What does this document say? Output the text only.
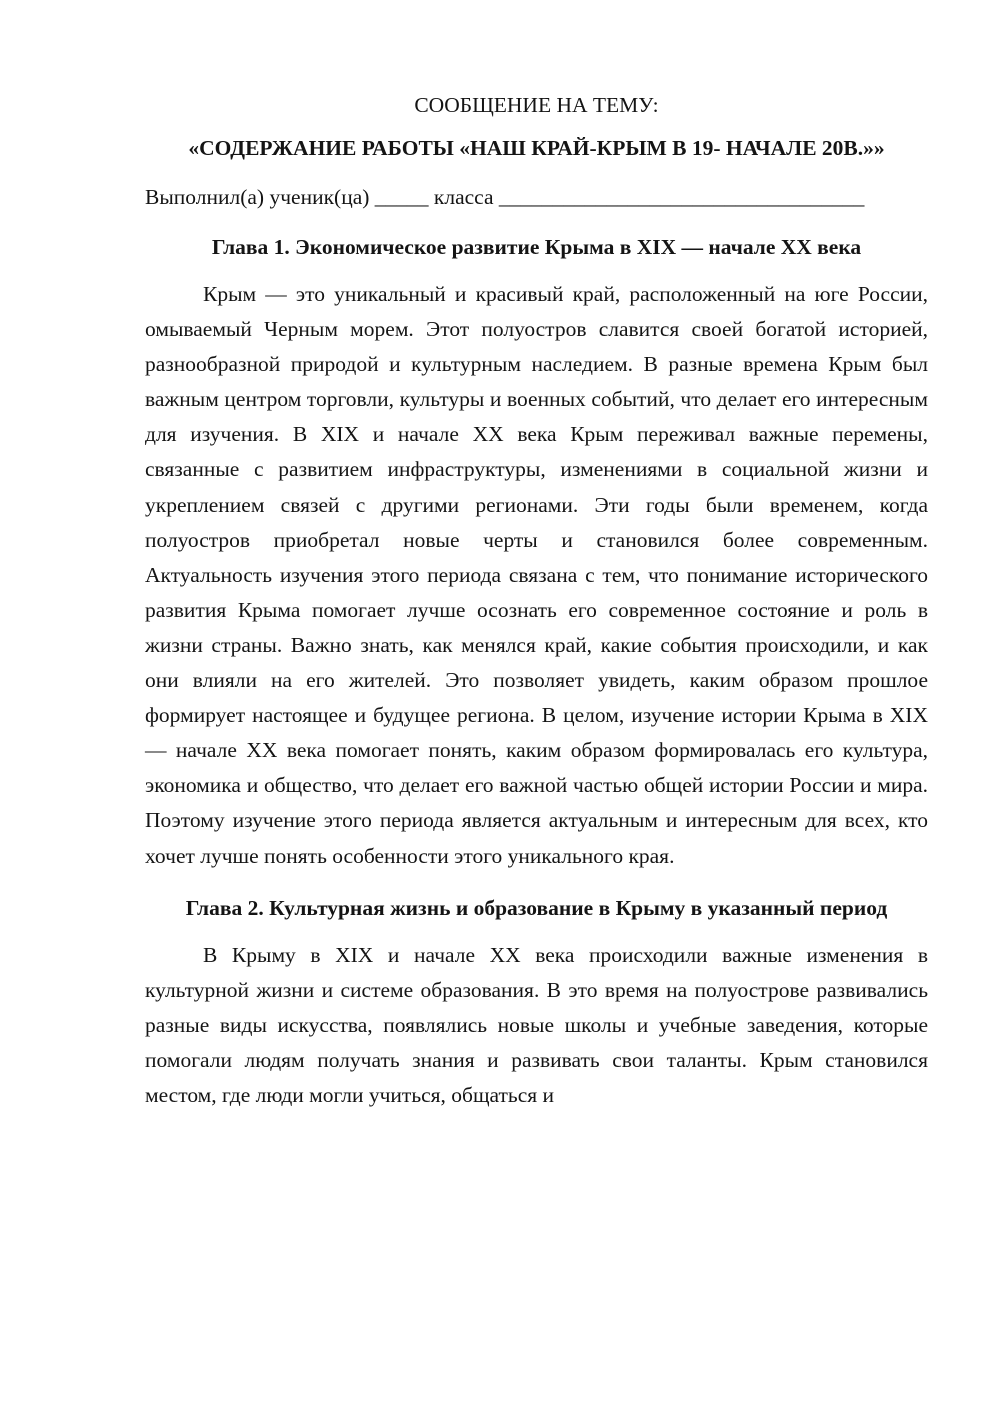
СООБЩЕНИЕ НА ТЕМУ:

«СОДЕРЖАНИЕ РАБОТЫ «НАШ КРАЙ-КРЫМ В 19- НАЧАЛЕ 20В.»»

Выполнил(а) ученик(ца) _____ класса __________________________________

Глава 1. Экономическое развитие Крыма в XIX — начале XX века

Крым — это уникальный и красивый край, расположенный на юге России, омываемый Черным морем. Этот полуостров славится своей богатой историей, разнообразной природой и культурным наследием. В разные времена Крым был важным центром торговли, культуры и военных событий, что делает его интересным для изучения. В XIX и начале XX века Крым переживал важные перемены, связанные с развитием инфраструктуры, изменениями в социальной жизни и укреплением связей с другими регионами. Эти годы были временем, когда полуостров приобретал новые черты и становился более современным. Актуальность изучения этого периода связана с тем, что понимание исторического развития Крыма помогает лучше осознать его современное состояние и роль в жизни страны. Важно знать, как менялся край, какие события происходили, и как они влияли на его жителей. Это позволяет увидеть, каким образом прошлое формирует настоящее и будущее региона. В целом, изучение истории Крыма в XIX — начале XX века помогает понять, каким образом формировалась его культура, экономика и общество, что делает его важной частью общей истории России и мира. Поэтому изучение этого периода является актуальным и интересным для всех, кто хочет лучше понять особенности этого уникального края.

Глава 2. Культурная жизнь и образование в Крыму в указанный период

В Крыму в XIX и начале XX века происходили важные изменения в культурной жизни и системе образования. В это время на полуострове развивались разные виды искусства, появлялись новые школы и учебные заведения, которые помогали людям получать знания и развивать свои таланты. Крым становился местом, где люди могли учиться, общаться и
